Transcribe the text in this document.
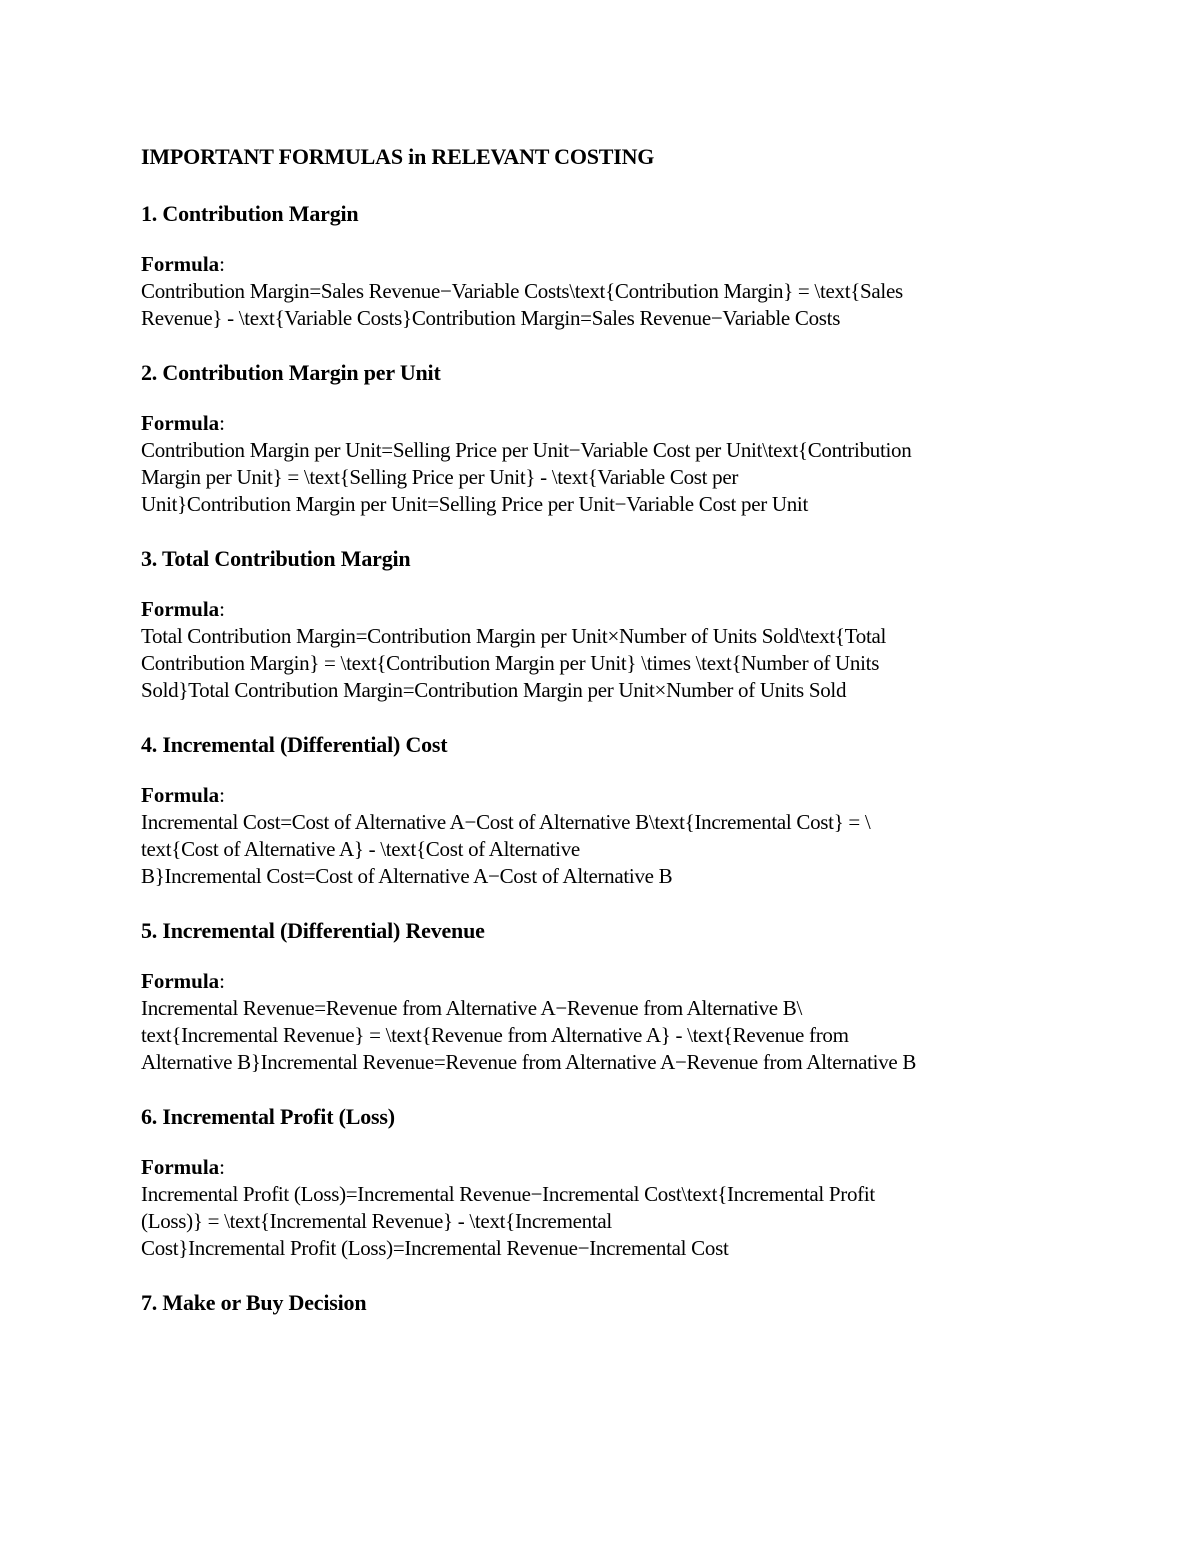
IMPORTANT FORMULAS in RELEVANT COSTING
1. Contribution Margin
Formula:
Contribution Margin=Sales Revenue−Variable Costs\text{Contribution Margin} = \text{Sales
Revenue} - \text{Variable Costs}Contribution Margin=Sales Revenue−Variable Costs
2. Contribution Margin per Unit
Formula:
Contribution Margin per Unit=Selling Price per Unit−Variable Cost per Unit\text{Contribution
Margin per Unit} = \text{Selling Price per Unit} - \text{Variable Cost per
Unit}Contribution Margin per Unit=Selling Price per Unit−Variable Cost per Unit
3. Total Contribution Margin
Formula:
Total Contribution Margin=Contribution Margin per Unit×Number of Units Sold\text{Total
Contribution Margin} = \text{Contribution Margin per Unit} \times \text{Number of Units
Sold}Total Contribution Margin=Contribution Margin per Unit×Number of Units Sold
4. Incremental (Differential) Cost
Formula:
Incremental Cost=Cost of Alternative A−Cost of Alternative B\text{Incremental Cost} = \
text{Cost of Alternative A} - \text{Cost of Alternative
B}Incremental Cost=Cost of Alternative A−Cost of Alternative B
5. Incremental (Differential) Revenue
Formula:
Incremental Revenue=Revenue from Alternative A−Revenue from Alternative B\
text{Incremental Revenue} = \text{Revenue from Alternative A} - \text{Revenue from
Alternative B}Incremental Revenue=Revenue from Alternative A−Revenue from Alternative B
6. Incremental Profit (Loss)
Formula:
Incremental Profit (Loss)=Incremental Revenue−Incremental Cost\text{Incremental Profit
(Loss)} = \text{Incremental Revenue} - \text{Incremental
Cost}Incremental Profit (Loss)=Incremental Revenue−Incremental Cost
7. Make or Buy Decision
